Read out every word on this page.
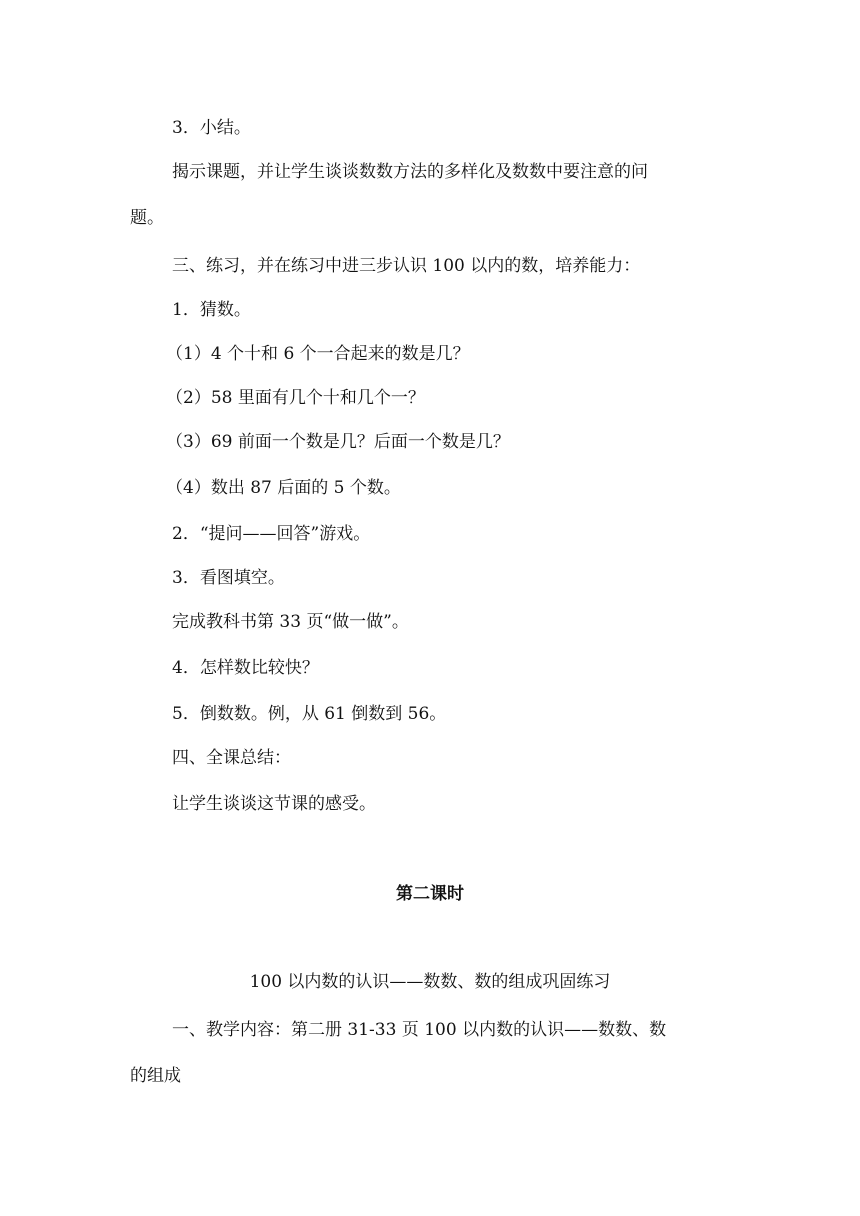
3．小结。
揭示课题，并让学生谈谈数数方法的多样化及数数中要注意的问
题。
三、练习，并在练习中进三步认识 100 以内的数，培养能力：
1．猜数。
（1）4 个十和 6 个一合起来的数是几？
（2）58 里面有几个十和几个一？
（3）69 前面一个数是几？后面一个数是几？
（4）数出 87 后面的 5 个数。
2．“提问——回答”游戏。
3．看图填空。
完成教科书第 33 页“做一做”。
4．怎样数比较快？
5．倒数数。例，从 61 倒数到 56。
四、全课总结：
让学生谈谈这节课的感受。
第二课时
100 以内数的认识——数数、数的组成巩固练习
一、教学内容：第二册 31-33 页 100 以内数的认识——数数、数
的组成
